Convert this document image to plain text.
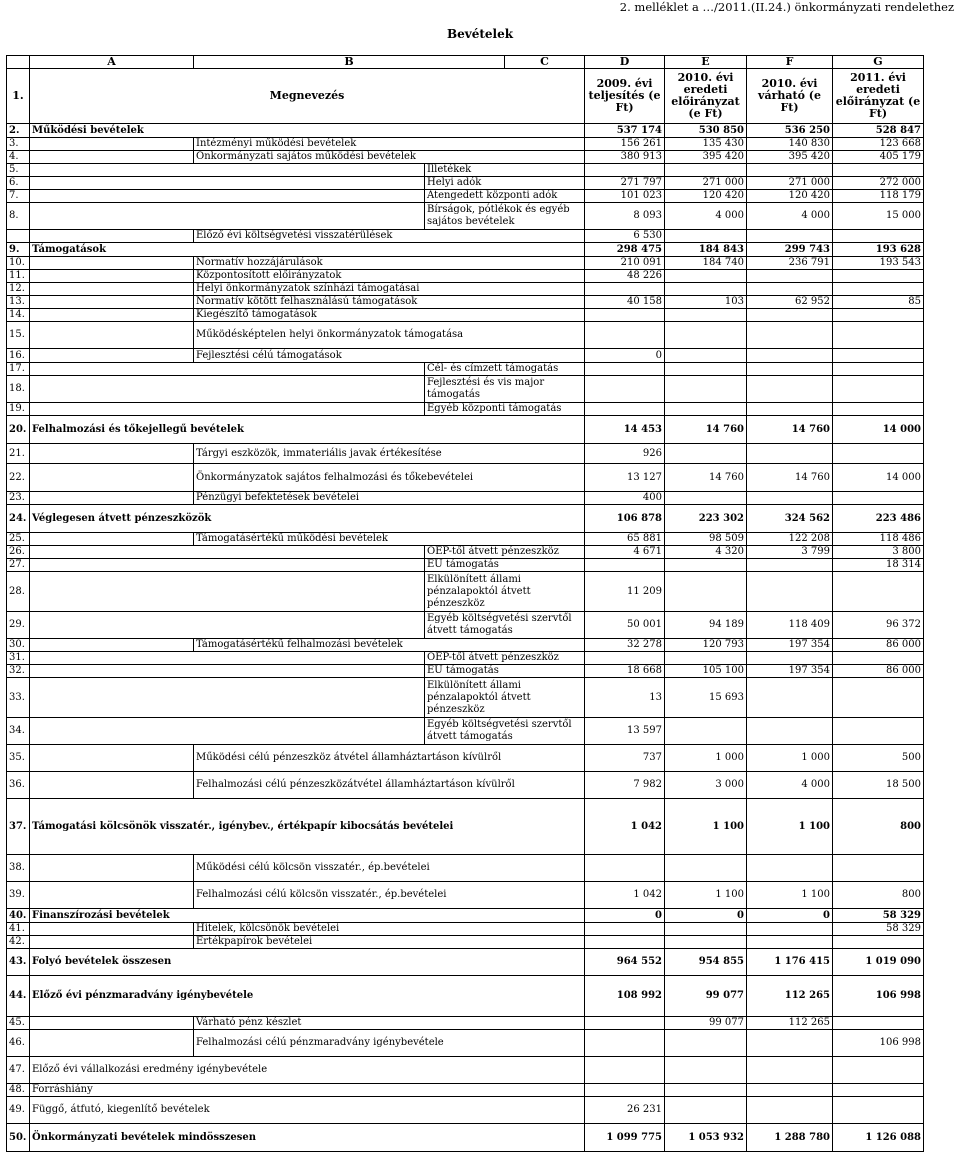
2. melléklet a …/2011.(II.24.) önkormányzati rendelethez
Bevételek
	A	B		C	D	E	F	G
1.	Megnevezés				2009. évi teljesítés (e Ft)	2010. évi eredeti előirányzat (e Ft)	2010. évi várható (e Ft)	2011. évi eredeti előirányzat (e Ft)
2.	Működési bevételek				537 174	530 850	536 250	528 847
3.		Intézményi működési bevételek			156 261	135 430	140 830	123 668
4.		Önkormányzati sajátos működési bevételek			380 913	395 420	395 420	405 179
5.			Illetékek					
6.			Helyi adók		271 797	271 000	271 000	272 000
7.			Átengedett központi adók		101 023	120 420	120 420	118 179
8.			Bírságok, pótlékok és egyéb sajátos bevételek		8 093	4 000	4 000	15 000
		Előző évi költségvetési visszatérülések			6 530			
9.	Támogatások				298 475	184 843	299 743	193 628
10.		Normatív hozzájárulások			210 091	184 740	236 791	193 543
11.		Központosított előirányzatok			48 226			
12.		Helyi önkormányzatok színházi támogatásai						
13.		Normatív kötött felhasználású támogatások			40 158	103	62 952	85
14.		Kiegészítő támogatások						
15.		Működésképtelen helyi önkormányzatok támogatása						
16.		Fejlesztési célú támogatások			0			
17.			Cél- és címzett támogatás					
18.			Fejlesztési és vis major támogatás					
19.			Egyéb központi támogatás					
20.	Felhalmozási és tőkejellegű bevételek				14 453	14 760	14 760	14 000
21.		Tárgyi eszközök, immateriális javak értékesítése			926			
22.		Önkormányzatok sajátos felhalmozási és tőkebevételei			13 127	14 760	14 760	14 000
23.		Pénzügyi befektetések bevételei			400			
24.	Véglegesen átvett pénzeszközök				106 878	223 302	324 562	223 486
25.		Támogatásértékű működési bevételek			65 881	98 509	122 208	118 486
26.			OEP-től átvett pénzeszköz		4 671	4 320	3 799	3 800
27.			EU támogatás					18 314
28.			Elkülönített állami pénzalapoktól átvett pénzeszköz		11 209			
29.			Egyéb költségvetési szervtől átvett támogatás		50 001	94 189	118 409	96 372
30.		Támogatásértékű felhalmozási bevételek			32 278	120 793	197 354	86 000
31.			OEP-től átvett pénzeszköz					
32.			EU támogatás		18 668	105 100	197 354	86 000
33.			Elkülönített állami pénzalapoktól átvett pénzeszköz		13	15 693		
34.			Egyéb költségvetési szervtől átvett támogatás		13 597			
35.		Működési célú pénzeszköz átvétel államháztartáson kívülről			737	1 000	1 000	500
36.		Felhalmozási célú pénzeszközátvétel államháztartáson kívülről			7 982	3 000	4 000	18 500
37.	Támogatási kölcsönök visszatér., igénybev., értékpapír kibocsátás bevételei				1 042	1 100	1 100	800
38.		Működési célú kölcsön visszatér., ép.bevételei						
39.		Felhalmozási célú kölcsön visszatér., ép.bevételei			1 042	1 100	1 100	800
40.	Finanszírozási bevételek				0	0	0	58 329
41.		Hitelek, kölcsönök bevételei						58 329
42.		Értékpapírok bevételei						
43.	Folyó bevételek összesen				964 552	954 855	1 176 415	1 019 090
44.	Előző évi pénzmaradvány igénybevétele				108 992	99 077	112 265	106 998
45.		Várható pénz készlet				99 077	112 265	
46.		Felhalmozási célú pénzmaradvány igénybevétele						106 998
47.	Előző évi vállalkozási eredmény igénybevétele							
48.	Forráshiány							
49.	Függő, átfutó, kiegenlítő bevételek				26 231			
50.	Önkormányzati bevételek mindösszesen				1 099 775	1 053 932	1 288 780	1 126 088
